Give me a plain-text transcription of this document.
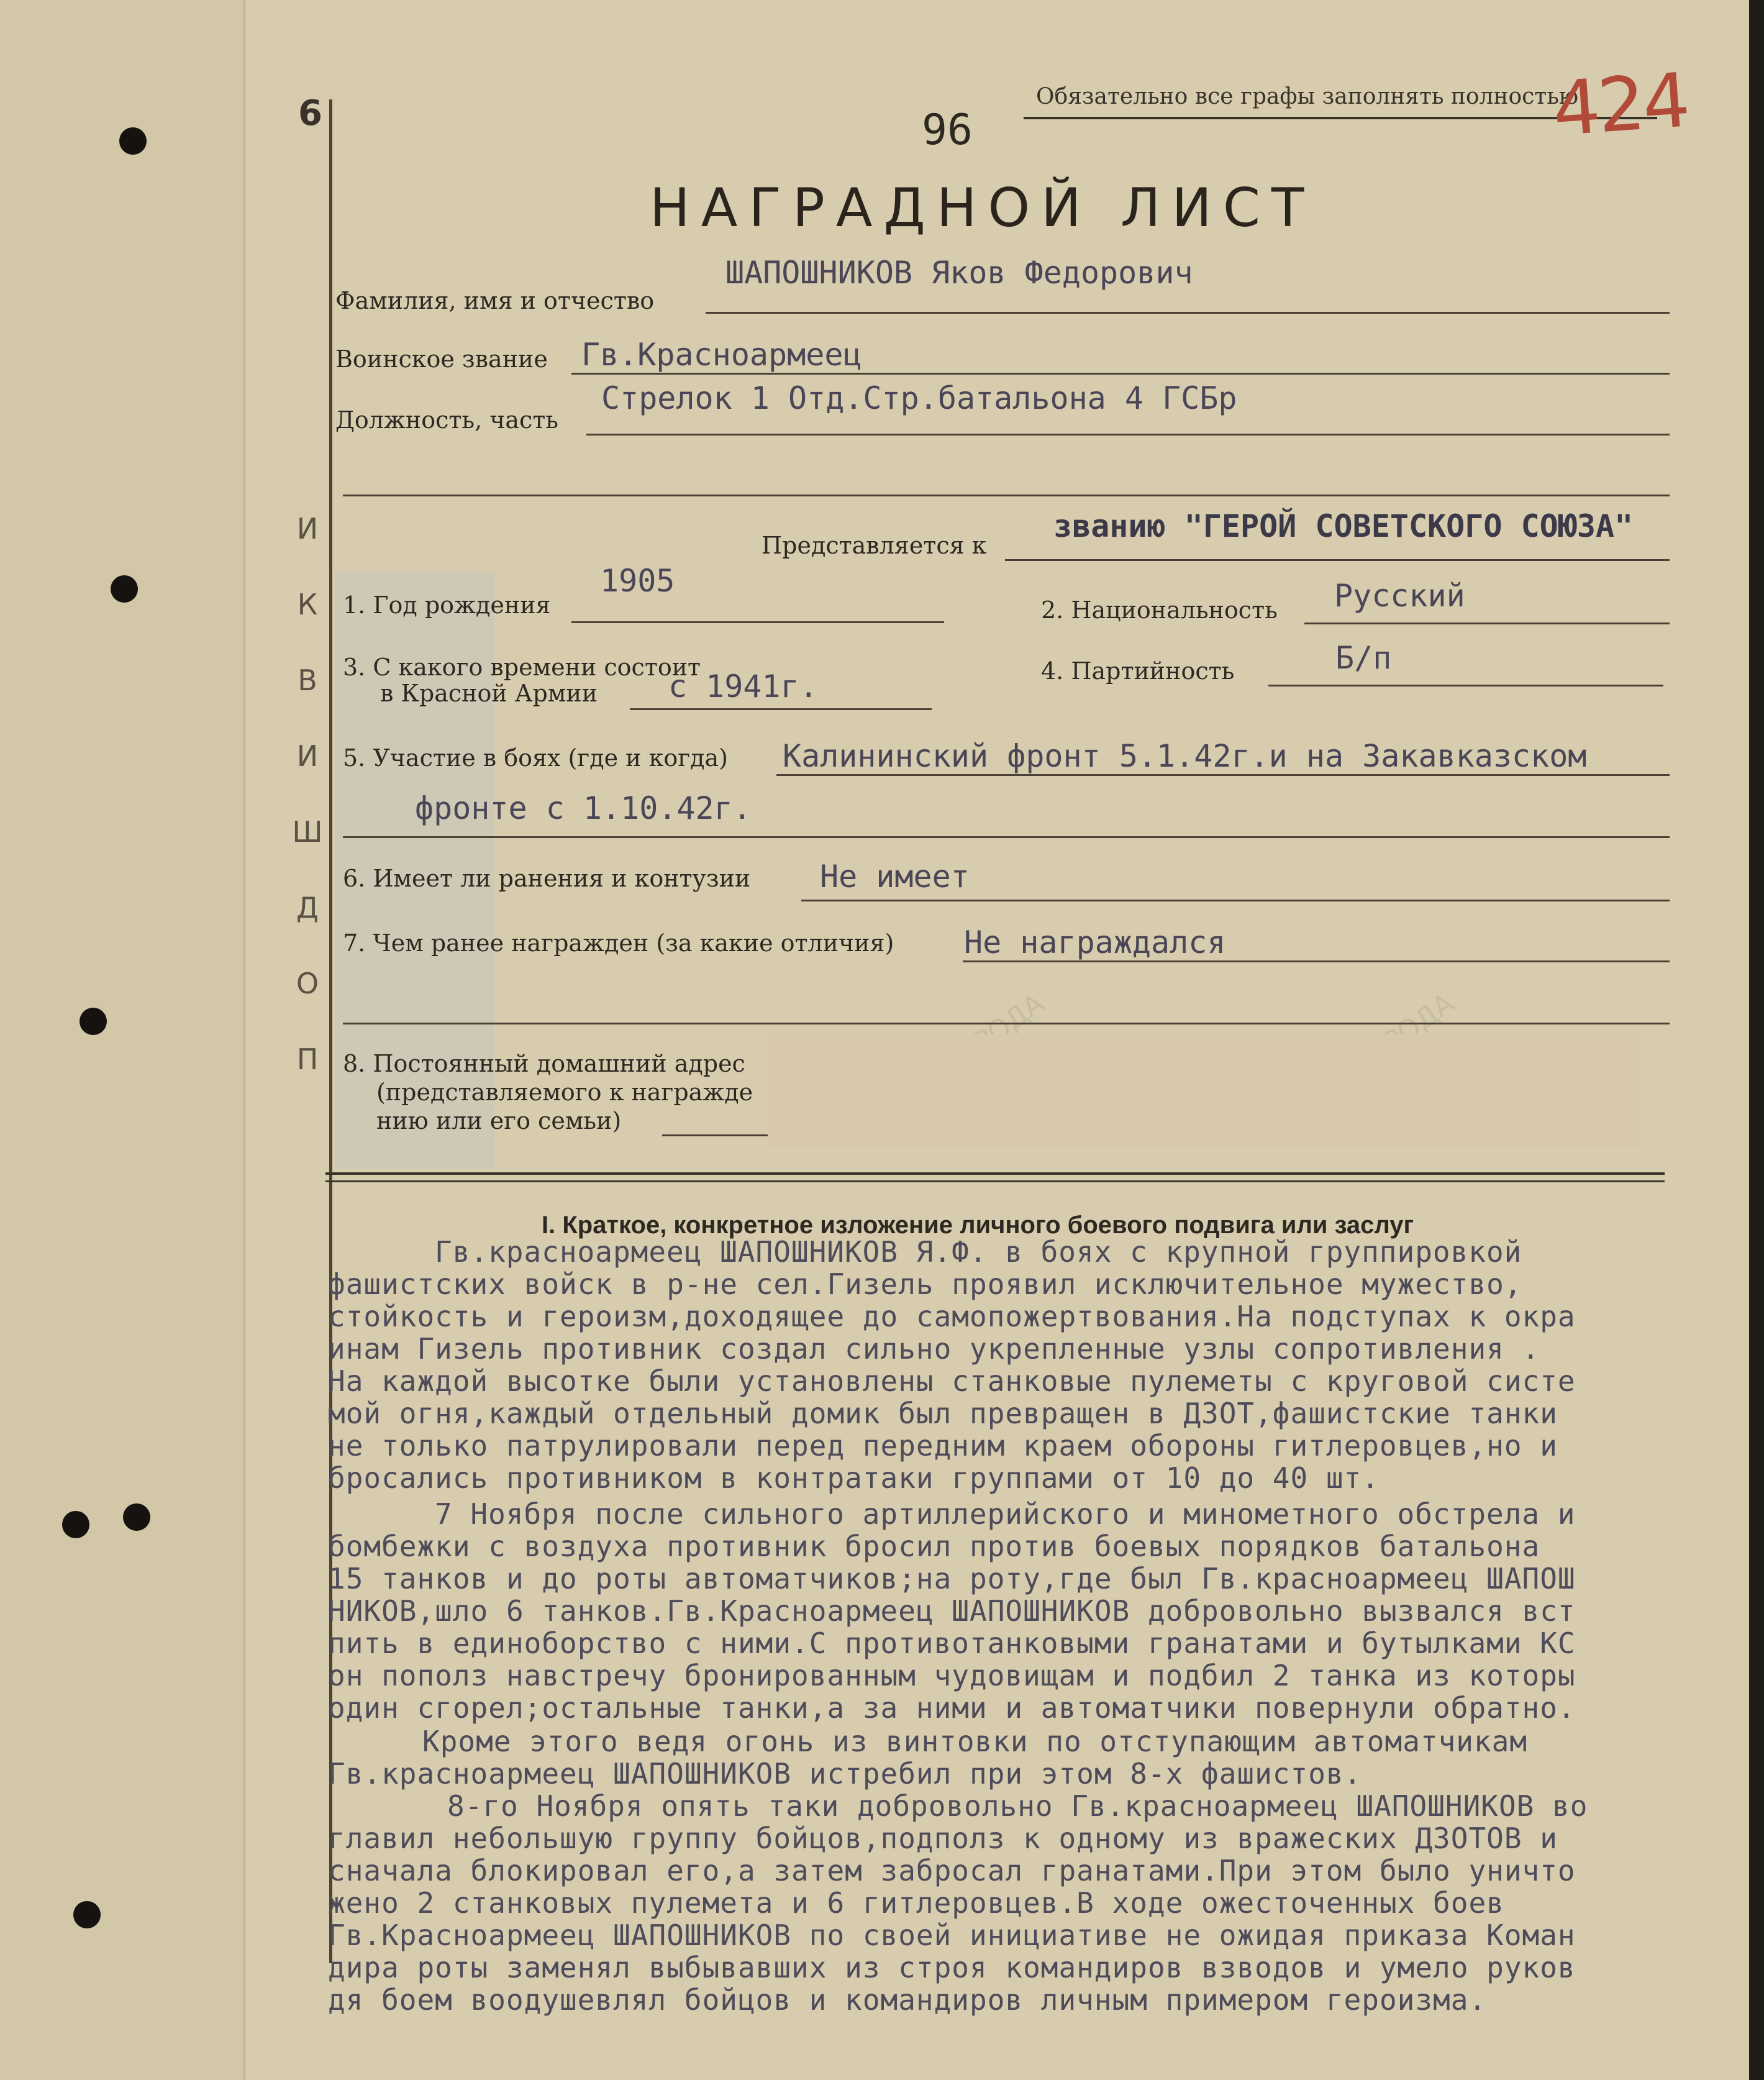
И
К
В
И
Ш
Д
О
П
6	96
Обязательно все графы заполнять полностью
424
НАГРАДНОЙ ЛИСТ
Фамилия, имя и отчество
ШАПОШНИКОВ Яков Федорович
Воинское звание Гв.Красноармеец
Должность, часть
Стрелок 1 Отд.Стр.батальона 4 ГСБр
Представляется к
званию "ГЕРОЙ СОВЕТСКОГО СОЮЗА"
1. Год рождения
1905
2. Национальность Русский
3. С какого времени состоит
в Красной Армии с 1941г.	4. Партийность	Б/п
5. Участие в боях (где и когда) Калининский фронт 5.1.42г.и на Закавказском
фронте с 1.10.42г.
6. Имеет ли ранения и контузии Не имеет
7. Чем ранее награжден (за какие отличия) Не награждался
8. Постоянный домашний адрес
(представляемого к награжде
нию или его семьи)
I. Краткое, конкретное изложение личного боевого подвига или заслуг
Гв.красноармеец ШАПОШНИКОВ Я.Ф. в боях с крупной группировкой
фашистских войск в р-не сел.Гизель проявил исключительное мужество,
стойкость и героизм,доходящее до самопожертвования.На подступах к окра
инам Гизель противник создал сильно укрепленные узлы сопротивления .
На каждой высотке были установлены станковые пулеметы с круговой систе
мой огня,каждый отдельный домик был превращен в ДЗОТ,фашистские танки
не только патрулировали перед передним краем обороны гитлеровцев,но и
бросались противником в контратаки группами от 10 до 40 шт.
7 Ноября после сильного артиллерийского и минометного обстрела и
бомбежки с воздуха противник бросил против боевых порядков батальона
15 танков и до роты автоматчиков;на роту,где был Гв.красноармеец ШАПОШ
НИКОВ,шло 6 танков.Гв.Красноармеец ШАПОШНИКОВ добровольно вызвался вст
пить в единоборство с ними.С противотанковыми гранатами и бутылками КС
он пополз навстречу бронированным чудовищам и подбил 2 танка из которы
один сгорел;остальные танки,а за ними и автоматчики повернули обратно.
Кроме этого ведя огонь из винтовки по отступающим автоматчикам
Гв.красноармеец ШАПОШНИКОВ истребил при этом 8-х фашистов.
8-го Ноября опять таки добровольно Гв.красноармеец ШАПОШНИКОВ во
главил небольшую группу бойцов,подполз к одному из вражеских ДЗОТОВ и
сначала блокировал его,а затем забросал гранатами.При этом было уничто
жено 2 станковых пулемета и 6 гитлеровцев.В ходе ожесточенных боев
Гв.Красноармеец ШАПОШНИКОВ по своей инициативе не ожидая приказа Коман
дира роты заменял выбывавших из строя командиров взводов и умело руков
дя боем воодушевлял бойцов и командиров личным примером героизма.
